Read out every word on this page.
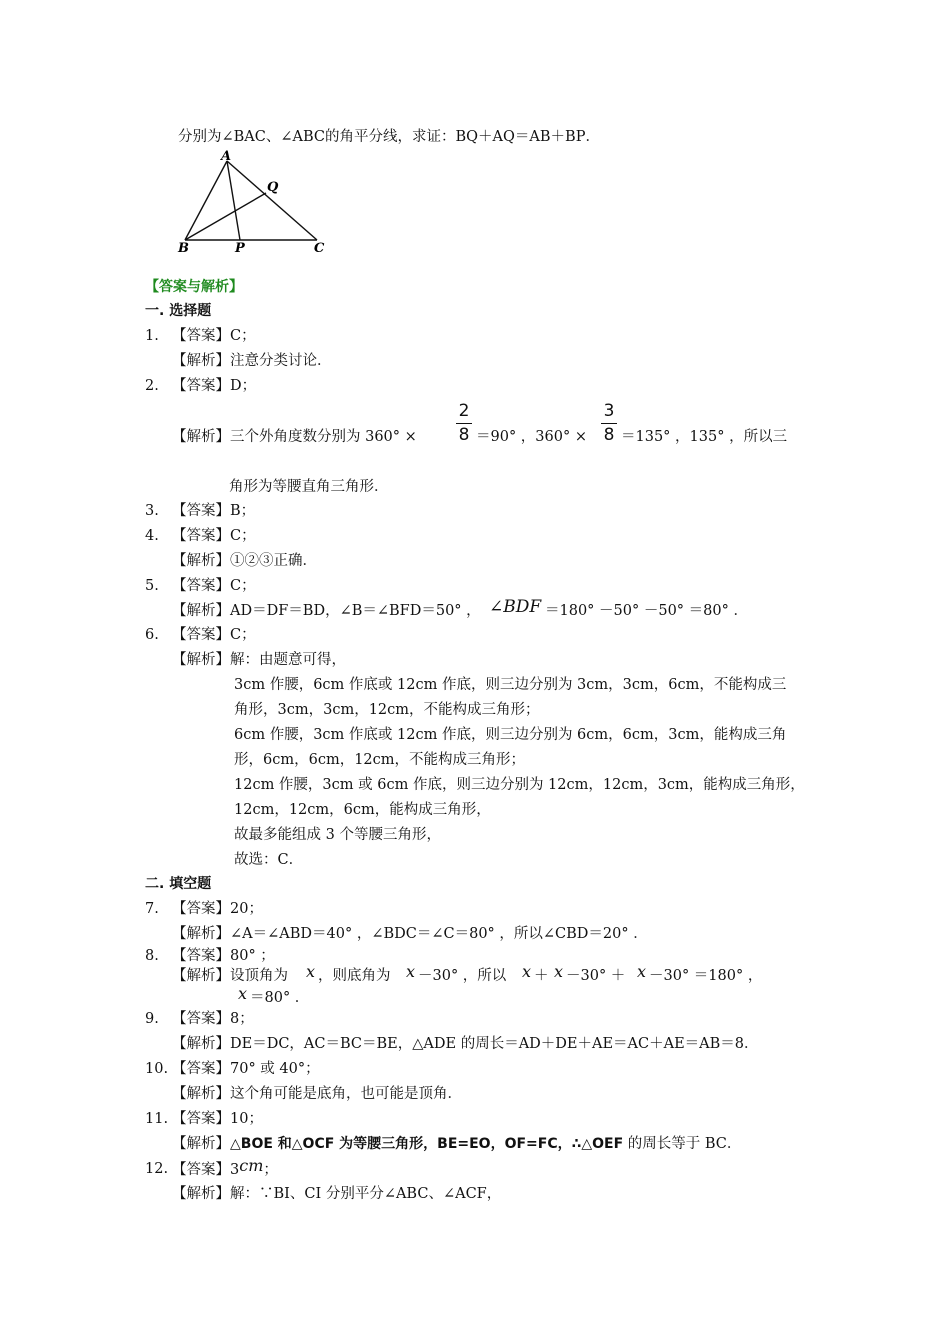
分别为∠BAC、∠ABC的角平分线，求证：BQ＋AQ＝AB＋BP．
A
Q
B	P	C
【答案与解析】
一. 选择题
1. 【答案】C；
【解析】注意分类讨论．
2. 【答案】D；
【解析】三个外角度数分别为 360° ×
2
8 ＝90° ，360° ×
3
8 ＝135° ，135° ，所以三
角形为等腰直角三角形．
3. 【答案】B；
4. 【答案】C；
【解析】①②③正确．
5. 【答案】C；
【解析】AD＝DF＝BD，∠B＝∠BFD＝50° ， ∠BDF ＝180° －50° －50° ＝80° ．
6. 【答案】C；
【解析】解：由题意可得，
3cm 作腰，6cm 作底或 12cm 作底，则三边分别为 3cm，3cm，6cm，不能构成三
角形，3cm，3cm，12cm，不能构成三角形；
6cm 作腰，3cm 作底或 12cm 作底，则三边分别为 6cm，6cm，3cm，能构成三角
形，6cm，6cm，12cm，不能构成三角形；
12cm 作腰，3cm 或 6cm 作底，则三边分别为 12cm，12cm，3cm，能构成三角形，
12cm，12cm，6cm，能构成三角形，
故最多能组成 3 个等腰三角形，
故选：C．
二. 填空题
7. 【答案】20；
【解析】∠A＝∠ABD＝40° ，∠BDC＝∠C＝80° ，所以∠CBD＝20° ．
8. 【答案】80° ；
【解析】设顶角为 x ，则底角为 x －30° ，所以 x ＋ x －30° ＋ x －30° ＝180° ，
x ＝80° ．
9. 【答案】8；
【解析】DE＝DC，AC＝BC＝BE，△ADE 的周长＝AD＋DE＋AE＝AC＋AE＝AB＝8．
10. 【答案】70° 或 40°；
【解析】这个角可能是底角，也可能是顶角．
11. 【答案】10；
【解析】△BOE 和△OCF 为等腰三角形，BE=EO，OF=FC，∴△OEF 的周长等于 BC．
12. 【答案】3cm；
【解析】解：∵BI、CI 分别平分∠ABC、∠ACF，
